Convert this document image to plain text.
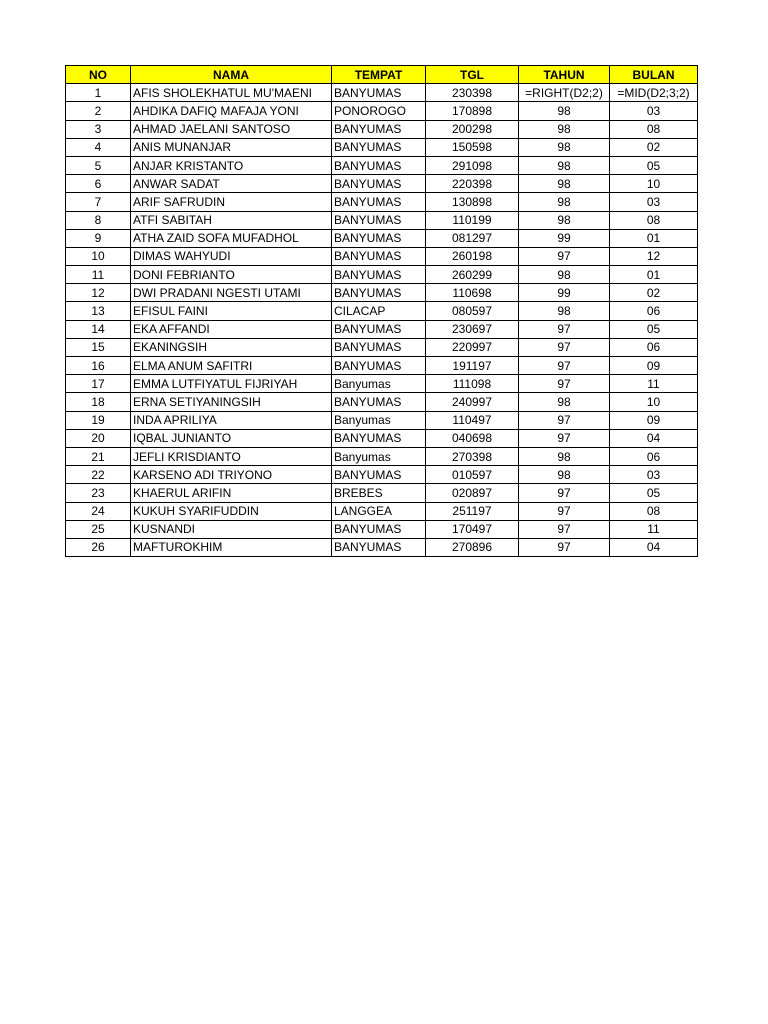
NO	NAMA	TEMPAT	TGL	TAHUN	BULAN
1	AFIS SHOLEKHATUL MU'MAENI	BANYUMAS	230398	=RIGHT(D2;2)	=MID(D2;3;2)
2	AHDIKA DAFIQ MAFAJA YONI	PONOROGO	170898	98	03
3	AHMAD JAELANI SANTOSO	BANYUMAS	200298	98	08
4	ANIS MUNANJAR	BANYUMAS	150598	98	02
5	ANJAR KRISTANTO	BANYUMAS	291098	98	05
6	ANWAR SADAT	BANYUMAS	220398	98	10
7	ARIF SAFRUDIN	BANYUMAS	130898	98	03
8	ATFI SABITAH	BANYUMAS	110199	98	08
9	ATHA ZAID SOFA MUFADHOL	BANYUMAS	081297	99	01
10	DIMAS WAHYUDI	BANYUMAS	260198	97	12
11	DONI FEBRIANTO	BANYUMAS	260299	98	01
12	DWI PRADANI NGESTI UTAMI	BANYUMAS	110698	99	02
13	EFISUL FAINI	CILACAP	080597	98	06
14	EKA AFFANDI	BANYUMAS	230697	97	05
15	EKANINGSIH	BANYUMAS	220997	97	06
16	ELMA ANUM SAFITRI	BANYUMAS	191197	97	09
17	EMMA LUTFIYATUL FIJRIYAH	Banyumas	111098	97	11
18	ERNA SETIYANINGSIH	BANYUMAS	240997	98	10
19	INDA APRILIYA	Banyumas	110497	97	09
20	IQBAL JUNIANTO	BANYUMAS	040698	97	04
21	JEFLI KRISDIANTO	Banyumas	270398	98	06
22	KARSENO ADI TRIYONO	BANYUMAS	010597	98	03
23	KHAERUL ARIFIN	BREBES	020897	97	05
24	KUKUH SYARIFUDDIN	LANGGEA	251197	97	08
25	KUSNANDI	BANYUMAS	170497	97	11
26	MAFTUROKHIM	BANYUMAS	270896	97	04
